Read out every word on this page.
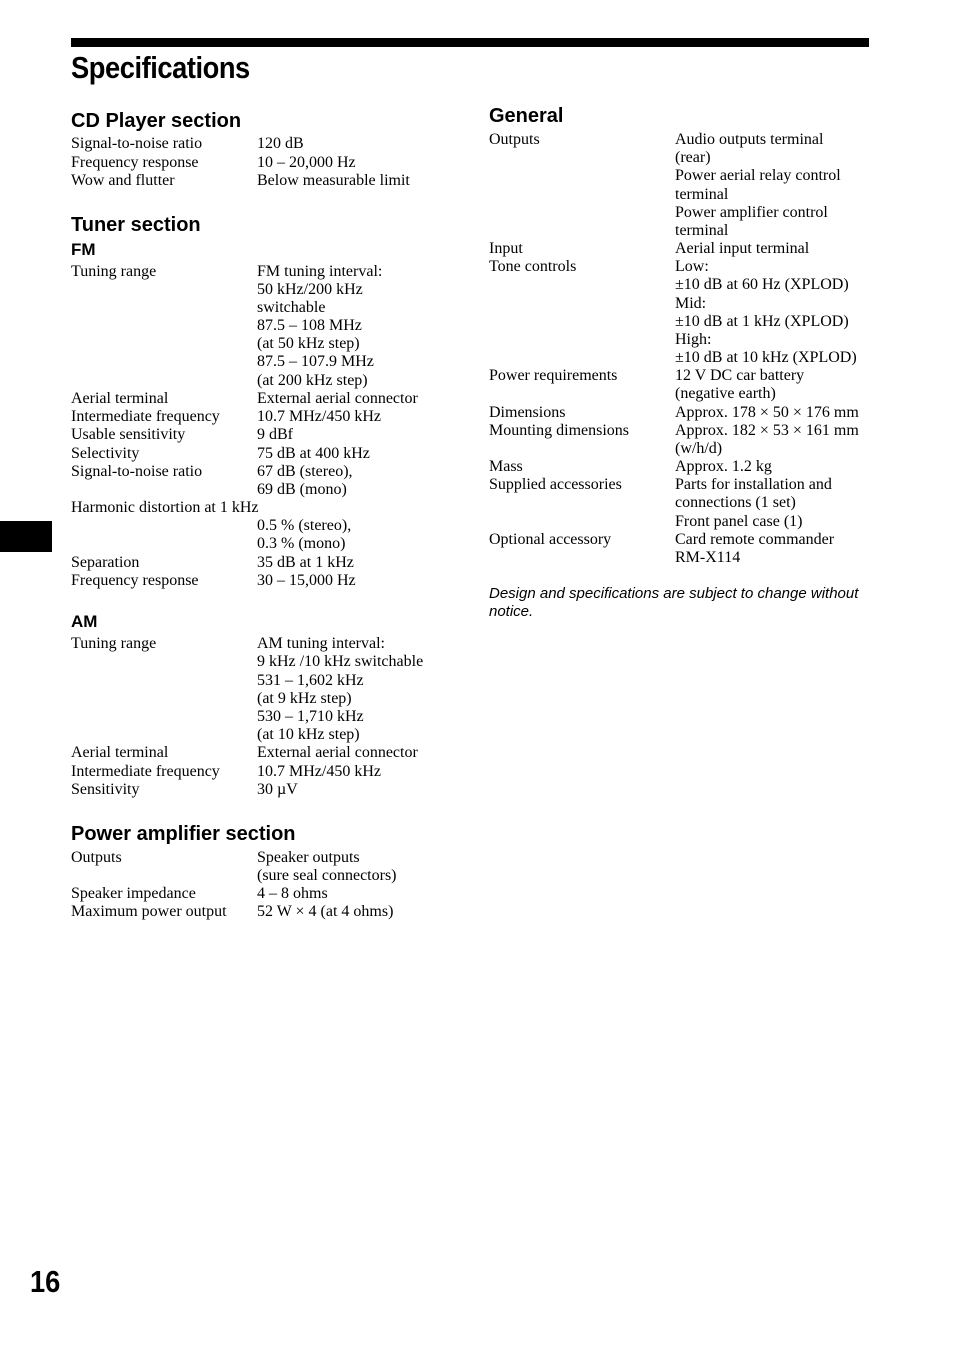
Specifications
16
CD Player section
Signal-to-noise ratio	120 dB
Frequency response	10 – 20,000 Hz
Wow and flutter	Below measurable limit
Tuner section
FM
Tuning range	FM tuning interval:
50 kHz/200 kHz
switchable
87.5 – 108 MHz
(at 50 kHz step)
87.5 – 107.9 MHz
(at 200 kHz step)
Aerial terminal	External aerial connector
Intermediate frequency 10.7 MHz/450 kHz
Usable sensitivity	9 dBf
Selectivity	75 dB at 400 kHz
Signal-to-noise ratio	67 dB (stereo),
69 dB (mono)
Harmonic distortion at 1 kHz
0.5 % (stereo),
0.3 % (mono)
Separation	35 dB at 1 kHz
Frequency response	30 – 15,000 Hz
AM
Tuning range	AM tuning interval:
9 kHz /10 kHz switchable
531 – 1,602 kHz
(at 9 kHz step)
530 – 1,710 kHz
(at 10 kHz step)
Aerial terminal	External aerial connector
Intermediate frequency 10.7 MHz/450 kHz
Sensitivity	30 µV
Power amplifier section
Outputs	Speaker outputs
(sure seal connectors)
Speaker impedance	4 – 8 ohms
Maximum power output 52 W × 4 (at 4 ohms)
General
Outputs	Audio outputs terminal
(rear)
Power aerial relay control
terminal
Power amplifier control
terminal
Input	Aerial input terminal
Tone controls	Low:
±10 dB at 60 Hz (XPLOD)
Mid:
±10 dB at 1 kHz (XPLOD)
High:
±10 dB at 10 kHz (XPLOD)
Power requirements	12 V DC car battery
(negative earth)
Dimensions	Approx. 178 × 50 × 176 mm
Mounting dimensions	Approx. 182 × 53 × 161 mm
(w/h/d)
Mass	Approx. 1.2 kg
Supplied accessories	Parts for installation and
connections (1 set)
Front panel case (1)
Optional accessory	Card remote commander
RM-X114

Design and specifications are subject to change without notice.
